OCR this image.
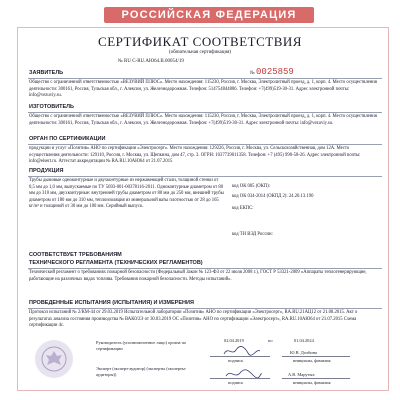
РОССИЙСКАЯ ФЕДЕРАЦИЯ
СЕРТИФИКАТ СООТВЕТСТВИЯ
(обязательная сертификация)
№ RU C-RU.АЮ64.В.00054/19
№ 0025859
ЗАЯВИТЕЛЬ
Общество с ограниченной ответственностью «ВЕЗУВИЙ ПЛЮС». Место нахождения: 115230, Россия, г. Москва, Электролитный проезд, д. 1, корп. 4. Место осуществления деятельности: 300161, Россия, Тульская обл., г. Алексин, ул. Железнодорожная. Телефон: 514754844886. Телефон: +7(499)519-30-31. Адрес электронной почты: info@vezuviy.su.
ИЗГОТОВИТЕЛЬ
Общество с ограниченной ответственностью «ВЕЗУВИЙ ПЛЮС». Место нахождения: 115230, Россия, г. Москва, Электролитный проезд, д. 1, корп. 4. Место осуществления деятельности: 300161, Россия, Тульская обл., г. Алексин, ул. Железнодорожная. Телефон: +7(499)519-30-31. Адрес электронной почты: info@vezuviy.su.
ОРГАН ПО СЕРТИФИКАЦИИ
продукции и услуг «Позитив» АНО по сертификации «Электросерт». Место нахождения: 129226, Россия, г. Москва, ул. Сельскохозяйственная, дом 12А. Место осуществления деятельности: 129110, Россия, г. Москва, ул. Щепкина, дом 47, стр. 3. ОГРН: 1037739011358. Телефон: +7 (495) 990-58-26. Адрес электронной почты: info@elsert.ru. Аттестат аккредитации № RA.RU.10АЮ64 от 21.07.2015
ПРОДУКЦИЯ
Трубы дымовые одноконтурные и двухконтурные из нержавеющей стали, толщиной стенки от 0,5 мм до 1,0 мм, выпускаемые по ТУ 5693-001-00378116-2011. Одноконтурные диаметром от 80 мм до 310 мм, двухконтурные: внутренней трубы диаметром от 80 мм до 250 мм, внешней трубы диаметром от 180 мм до 310 мм, теплоизоляция из минеральной ваты плотностью от 28 до 165 кг/м³ и толщиной от 30 мм до 100 мм. Серийный выпуск.
код ОК 005 (ОКП):
код ОК 034-2014 (ОКПД 2): 24.20.13.190
код ЕКПС:
код ТН ВЭД России:
СООТВЕТСТВУЕТ ТРЕБОВАНИЯМ
ТЕХНИЧЕСКОГО РЕГЛАМЕНТА (ТЕХНИЧЕСКИХ РЕГЛАМЕНТОВ)
Технический регламент о требованиях пожарной безопасности (Федеральный Закон № 123-ФЗ от 22 июля 2008 г.), ГОСТ Р 53321-2009 «Аппараты теплогенерирующие, работающие на различных видах топлива. Требования пожарной безопасности. Методы испытаний».
ПРОВЕДЕННЫЕ ИСПЫТАНИЯ (ИСПЫТАНИЯ) И ИЗМЕРЕНИЯ
Протокол испытаний № 2/КМ-44 от 29.03.2019 Испытательной лаборатории «Позитив» АНО по сертификации «Электросерт», RA.RU.21АЦ12 от 21.08.2015. Акт о результатах анализа состояния производства № ВАК0/2Э от 30.03.2019 ОС «Позитив» АНО по сертификации «Электросерт», RA.RU.10АЮ64 от 21.07.2015 Схема сертификации 4с.
Руководитель (уполномоченное лицо) органа по сертификации
Эксперт (эксперт-аудитор) (эксперты (эксперты-аудиторы))
02.04.2019	по	01.04.2024
подпись
Ю.В. Долбина
инициалы, фамилия
подпись
А.В. Марутых
инициалы, фамилия
